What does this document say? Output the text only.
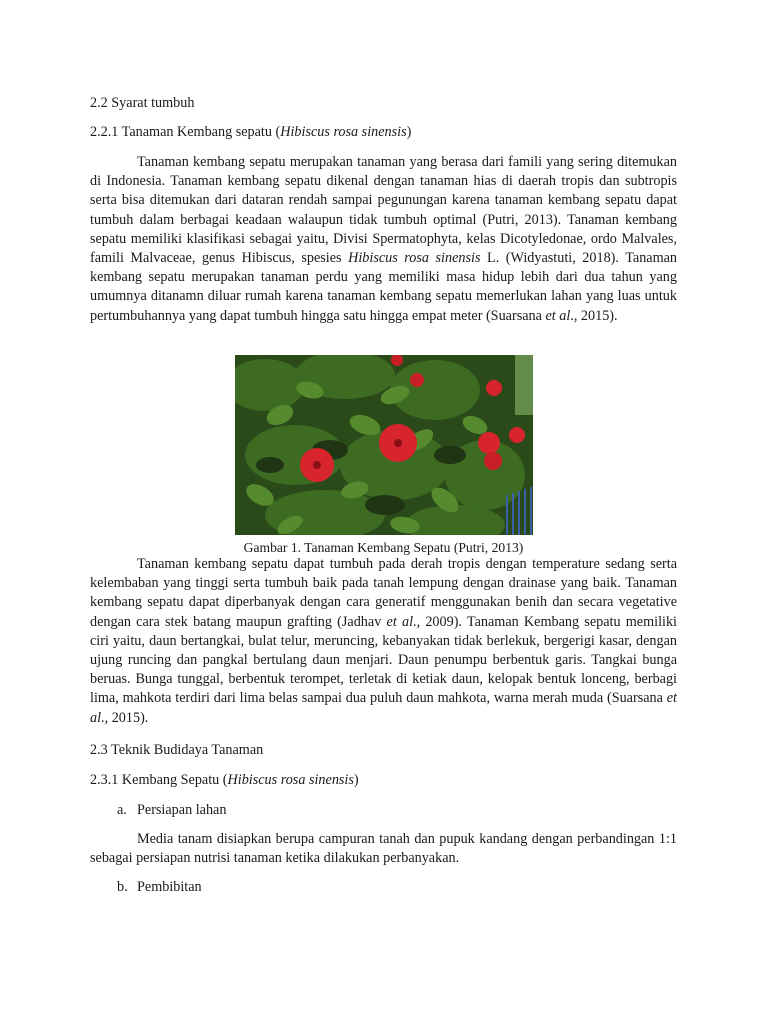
2.2 Syarat tumbuh
2.2.1 Tanaman Kembang sepatu (Hibiscus rosa sinensis)

Tanaman kembang sepatu merupakan tanaman yang berasa dari famili yang sering ditemukan di Indonesia. Tanaman kembang sepatu dikenal dengan tanaman hias di daerah tropis dan subtropis serta bisa ditemukan dari dataran rendah sampai pegunungan karena tanaman kembang sepatu dapat tumbuh dalam berbagai keadaan walaupun tidak tumbuh optimal (Putri, 2013). Tanaman kembang sepatu memiliki klasifikasi sebagai yaitu, Divisi Spermatophyta, kelas Dicotyledonae, ordo Malvales, famili Malvaceae, genus Hibiscus, spesies Hibiscus rosa sinensis L. (Widyastuti, 2018). Tanaman kembang sepatu merupakan tanaman perdu yang memiliki masa hidup lebih dari dua tahun yang umumnya ditanamn diluar rumah karena tanaman kembang sepatu memerlukan lahan yang luas untuk pertumbuhannya yang dapat tumbuh hingga satu hingga empat meter (Suarsana et al., 2015).

Gambar 1. Tanaman Kembang Sepatu (Putri, 2013)

Tanaman kembang sepatu dapat tumbuh pada derah tropis dengan temperature sedang serta kelembaban yang tinggi serta tumbuh baik pada tanah lempung dengan drainase yang baik. Tanaman kembang sepatu dapat diperbanyak dengan cara generatif menggunakan benih dan secara vegetative dengan cara stek batang maupun grafting (Jadhav et al., 2009). Tanaman Kembang sepatu memiliki ciri yaitu, daun bertangkai, bulat telur, meruncing, kebanyakan tidak berlekuk, bergerigi kasar, dengan ujung runcing dan pangkal bertulang daun menjari. Daun penumpu berbentuk garis. Tangkai bunga beruas. Bunga tunggal, berbentuk terompet, terletak di ketiak daun, kelopak bentuk lonceng, berbagi lima, mahkota terdiri dari lima belas sampai dua puluh daun mahkota, warna merah muda (Suarsana et al., 2015).

2.3 Teknik Budidaya Tanaman
2.3.1 Kembang Sepatu (Hibiscus rosa sinensis)
a. Persiapan lahan

Media tanam disiapkan berupa campuran tanah dan pupuk kandang dengan perbandingan 1:1 sebagai persiapan nutrisi tanaman ketika dilakukan perbanyakan.

b. Pembibitan
